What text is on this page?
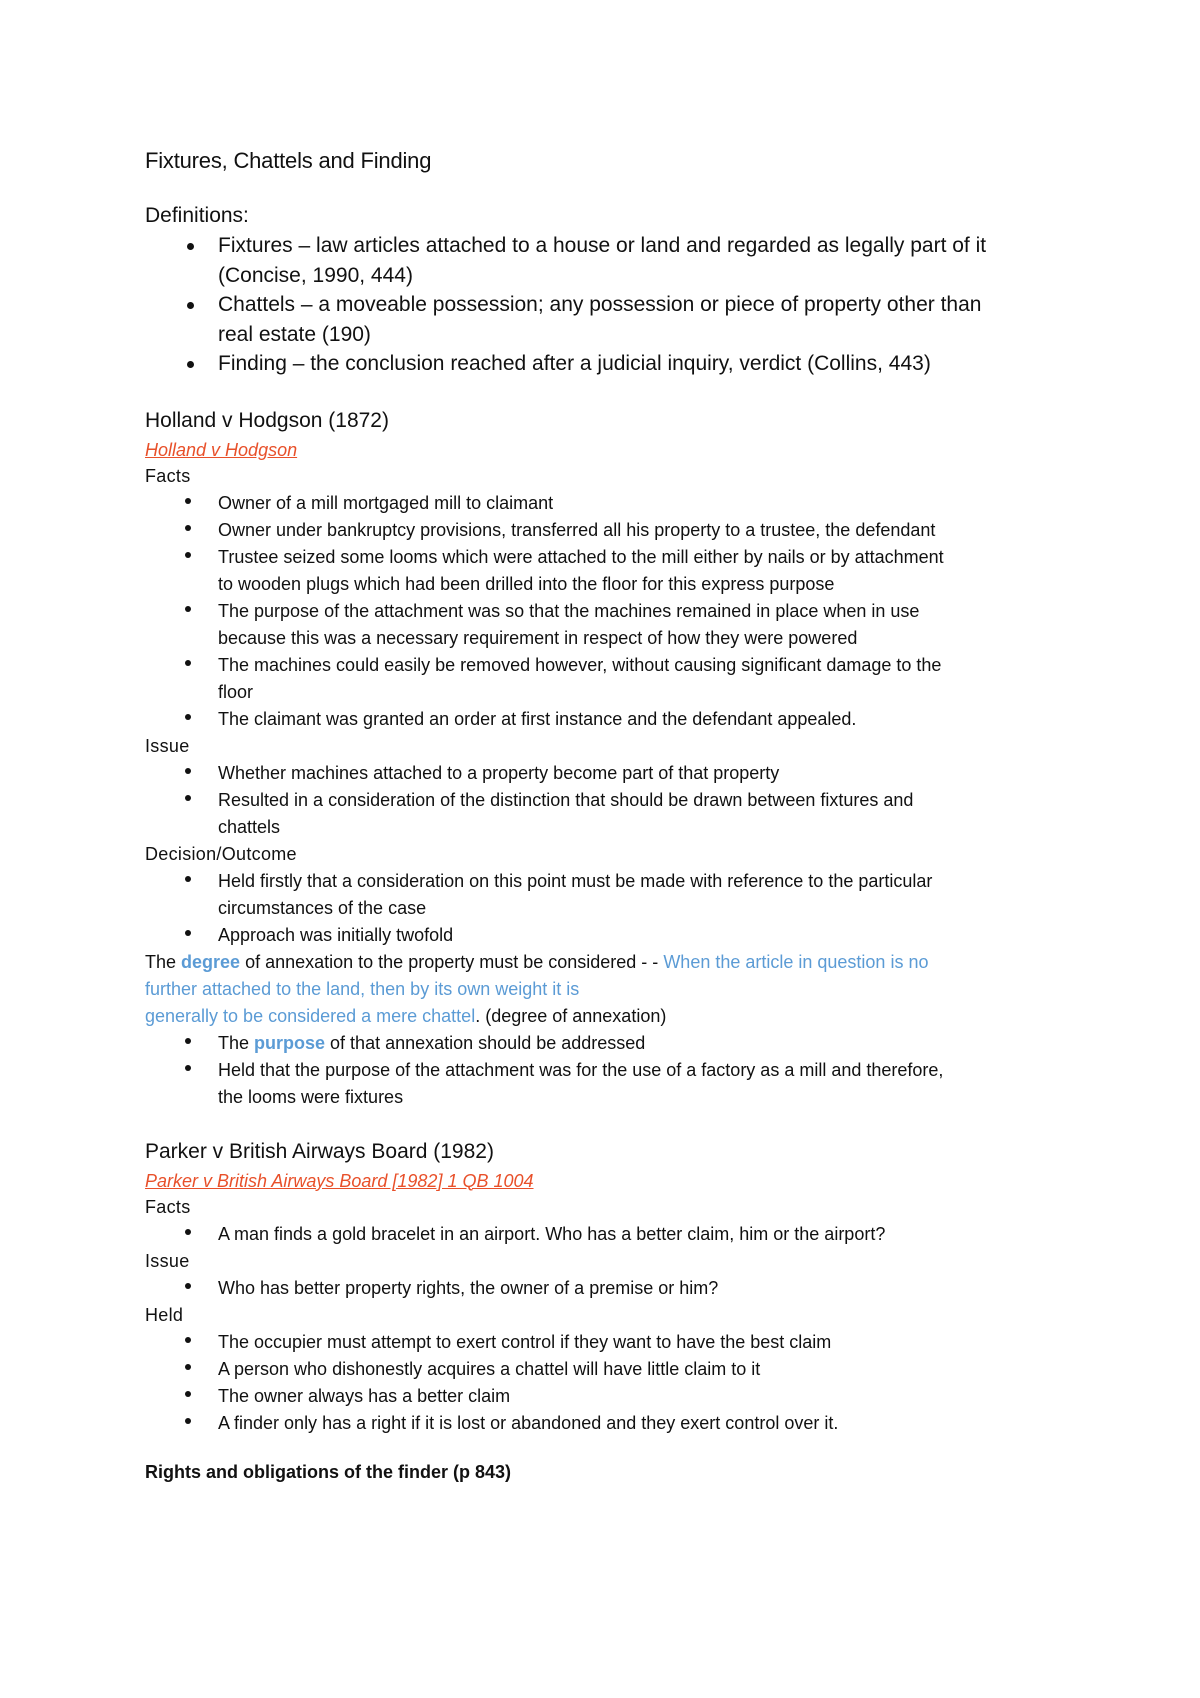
Fixtures, Chattels and Finding

Definitions:

Fixtures – law articles attached to a house or land and regarded as legally part of it
(Concise, 1990, 444)
Chattels – a moveable possession; any possession or piece of property other than
real estate (190)
Finding – the conclusion reached after a judicial inquiry, verdict (Collins, 443)

Holland v Hodgson (1872)

Holland v Hodgson

Facts

Owner of a mill mortgaged mill to claimant
Owner under bankruptcy provisions, transferred all his property to a trustee, the defendant
Trustee seized some looms which were attached to the mill either by nails or by attachment
to wooden plugs which had been drilled into the floor for this express purpose
The purpose of the attachment was so that the machines remained in place when in use
because this was a necessary requirement in respect of how they were powered
The machines could easily be removed however, without causing significant damage to the
floor
The claimant was granted an order at first instance and the defendant appealed.

Issue

Whether machines attached to a property become part of that property
Resulted in a consideration of the distinction that should be drawn between fixtures and
chattels

Decision/Outcome

Held firstly that a consideration on this point must be made with reference to the particular
circumstances of the case
Approach was initially twofold

The degree of annexation to the property must be considered - - When the article in question is no
further attached to the land, then by its own weight it is
generally to be considered a mere chattel. (degree of annexation)

The purpose of that annexation should be addressed
Held that the purpose of the attachment was for the use of a factory as a mill and therefore,
the looms were fixtures

Parker v British Airways Board (1982)

Parker v British Airways Board [1982] 1 QB 1004

Facts

A man finds a gold bracelet in an airport. Who has a better claim, him or the airport?

Issue

Who has better property rights, the owner of a premise or him?

Held

The occupier must attempt to exert control if they want to have the best claim
A person who dishonestly acquires a chattel will have little claim to it
The owner always has a better claim
A finder only has a right if it is lost or abandoned and they exert control over it.

Rights and obligations of the finder (p 843)
